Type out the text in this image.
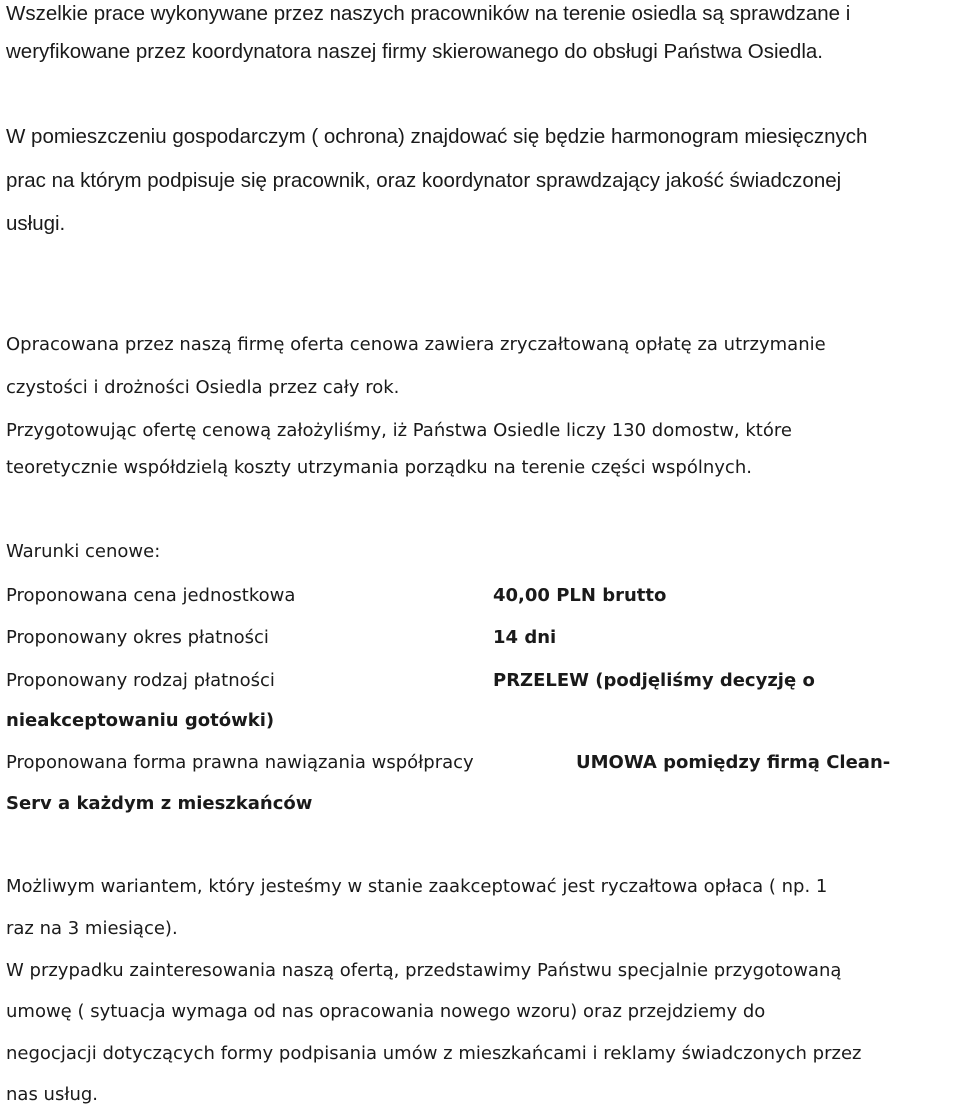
Wszelkie prace wykonywane przez naszych pracowników na terenie osiedla są sprawdzane i
weryfikowane przez koordynatora naszej firmy skierowanego do obsługi Państwa Osiedla.
W pomieszczeniu gospodarczym ( ochrona) znajdować się będzie harmonogram miesięcznych
prac na którym podpisuje się pracownik, oraz koordynator sprawdzający jakość świadczonej
usługi.
Opracowana przez naszą firmę oferta cenowa zawiera zryczałtowaną opłatę za utrzymanie
czystości i drożności Osiedla przez cały rok.
Przygotowując ofertę cenową założyliśmy, iż Państwa Osiedle liczy 130 domostw, które
teoretycznie współdzielą koszty utrzymania porządku na terenie części wspólnych.
Warunki cenowe:
Proponowana cena jednostkowa	40,00 PLN brutto
Proponowany okres płatności	14 dni
Proponowany rodzaj płatności	PRZELEW (podjęliśmy decyzję o
nieakceptowaniu gotówki)
Proponowana forma prawna nawiązania współpracy	UMOWA pomiędzy firmą Clean-
Serv a każdym z mieszkańców
Możliwym wariantem, który jesteśmy w stanie zaakceptować jest ryczałtowa opłaca ( np. 1
raz na 3 miesiące).
W przypadku zainteresowania naszą ofertą, przedstawimy Państwu specjalnie przygotowaną
umowę ( sytuacja wymaga od nas opracowania nowego wzoru) oraz przejdziemy do
negocjacji dotyczących formy podpisania umów z mieszkańcami i reklamy świadczonych przez
nas usług.
